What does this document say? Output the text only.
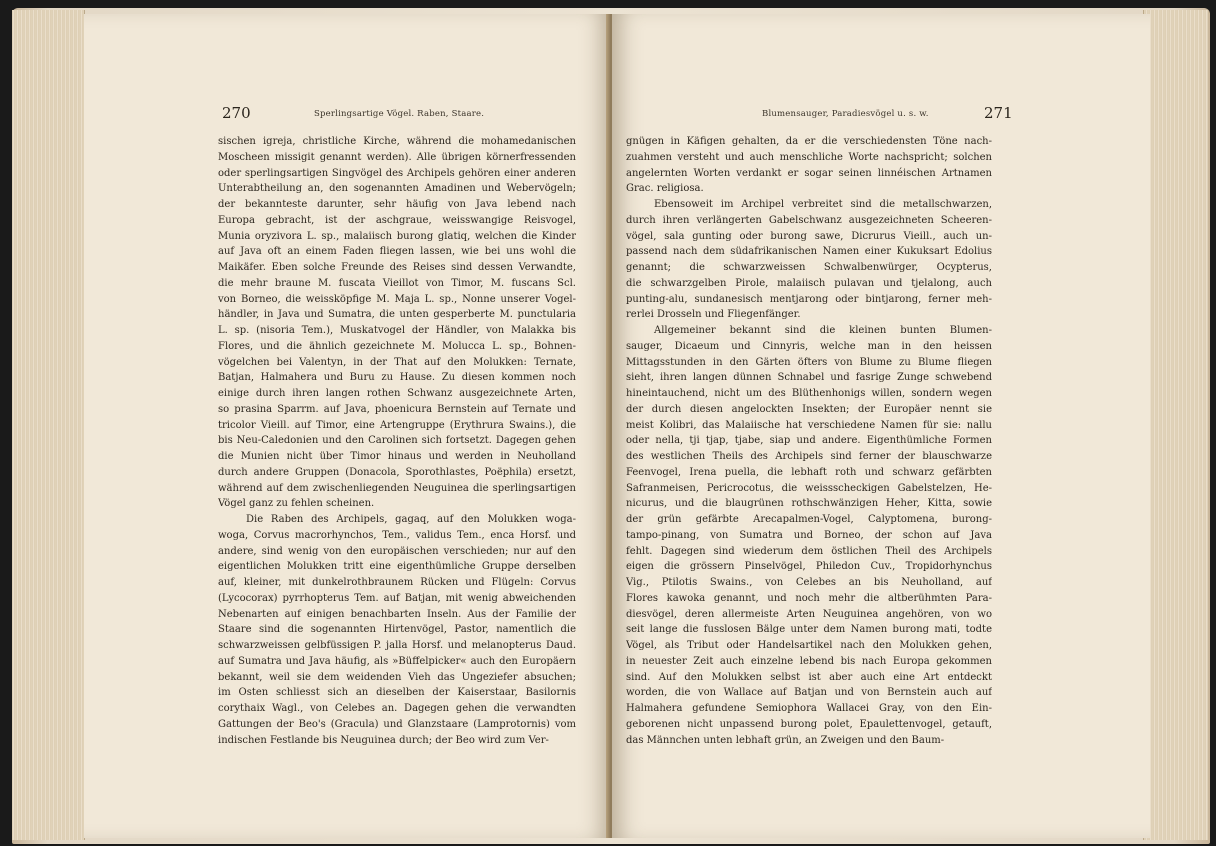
270	Sperlingsartige Vögel. Raben, Staare.
sischen igreja, christliche Kirche, während die mohamedanischen
Moscheen missigit genannt werden). Alle übrigen körnerfressenden
oder sperlingsartigen Singvögel des Archipels gehören einer anderen
Unterabtheilung an, den sogenannten Amadinen und Webervögeln;
der bekannteste darunter, sehr häufig von Java lebend nach
Europa gebracht, ist der aschgraue, weisswangige Reisvogel,
Munia oryzivora L. sp., malaiisch burong glatiq, welchen die Kinder
auf Java oft an einem Faden fliegen lassen, wie bei uns wohl die
Maikäfer. Eben solche Freunde des Reises sind dessen Verwandte,
die mehr braune M. fuscata Vieillot von Timor, M. fuscans Scl.
von Borneo, die weissköpfige M. Maja L. sp., Nonne unserer Vogel-
händler, in Java und Sumatra, die unten gesperberte M. punctularia
L. sp. (nisoria Tem.), Muskatvogel der Händler, von Malakka bis
Flores, und die ähnlich gezeichnete M. Molucca L. sp., Bohnen-
vögelchen bei Valentyn, in der That auf den Molukken: Ternate,
Batjan, Halmahera und Buru zu Hause. Zu diesen kommen noch
einige durch ihren langen rothen Schwanz ausgezeichnete Arten,
so prasina Sparrm. auf Java, phoenicura Bernstein auf Ternate und
tricolor Vieill. auf Timor, eine Artengruppe (Erythrura Swains.), die
bis Neu-Caledonien und den Carolinen sich fortsetzt. Dagegen gehen
die Munien nicht über Timor hinaus und werden in Neuholland
durch andere Gruppen (Donacola, Sporothlastes, Poëphila) ersetzt,
während auf dem zwischenliegenden Neuguinea die sperlingsartigen
Vögel ganz zu fehlen scheinen.
Die Raben des Archipels, gagaq, auf den Molukken woga-
woga, Corvus macrorhynchos, Tem., validus Tem., enca Horsf. und
andere, sind wenig von den europäischen verschieden; nur auf den
eigentlichen Molukken tritt eine eigenthümliche Gruppe derselben
auf, kleiner, mit dunkelrothbraunem Rücken und Flügeln: Corvus
(Lycocorax) pyrrhopterus Tem. auf Batjan, mit wenig abweichenden
Nebenarten auf einigen benachbarten Inseln. Aus der Familie der
Staare sind die sogenannten Hirtenvögel, Pastor, namentlich die
schwarzweissen gelbfüssigen P. jalla Horsf. und melanopterus Daud.
auf Sumatra und Java häufig, als »Büffelpicker« auch den Europäern
bekannt, weil sie dem weidenden Vieh das Ungeziefer absuchen;
im Osten schliesst sich an dieselben der Kaiserstaar, Basilornis
corythaix Wagl., von Celebes an. Dagegen gehen die verwandten
Gattungen der Beo's (Gracula) und Glanzstaare (Lamprotornis) vom
indischen Festlande bis Neuguinea durch; der Beo wird zum Ver-
Blumensauger, Paradiesvögel u. s. w.	271
gnügen in Käfigen gehalten, da er die verschiedensten Töne nach-
zuahmen versteht und auch menschliche Worte nachspricht; solchen
angelernten Worten verdankt er sogar seinen linnéischen Artnamen
Grac. religiosa.
Ebensoweit im Archipel verbreitet sind die metallschwarzen,
durch ihren verlängerten Gabelschwanz ausgezeichneten Scheeren-
vögel, sala gunting oder burong sawe, Dicrurus Vieill., auch un-
passend nach dem südafrikanischen Namen einer Kukuksart Edolius
genannt; die schwarzweissen Schwalbenwürger, Ocypterus,
die schwarzgelben Pirole, malaiisch pulavan und tjelalong, auch
punting-alu, sundanesisch mentjarong oder bintjarong, ferner meh-
rerlei Drosseln und Fliegenfänger.
Allgemeiner bekannt sind die kleinen bunten Blumen-
sauger, Dicaeum und Cinnyris, welche man in den heissen
Mittagsstunden in den Gärten öfters von Blume zu Blume fliegen
sieht, ihren langen dünnen Schnabel und fasrige Zunge schwebend
hineintauchend, nicht um des Blüthenhonigs willen, sondern wegen
der durch diesen angelockten Insekten; der Europäer nennt sie
meist Kolibri, das Malaiische hat verschiedene Namen für sie: nallu
oder nella, tji tjap, tjabe, siap und andere. Eigenthümliche Formen
des westlichen Theils des Archipels sind ferner der blauschwarze
Feenvogel, Irena puella, die lebhaft roth und schwarz gefärbten
Safranmeisen, Pericrocotus, die weissscheckigen Gabelstelzen, He-
nicurus, und die blaugrünen rothschwänzigen Heher, Kitta, sowie
der grün gefärbte Arecapalmen-Vogel, Calyptomena, burong-
tampo-pinang, von Sumatra und Borneo, der schon auf Java
fehlt. Dagegen sind wiederum dem östlichen Theil des Archipels
eigen die grössern Pinselvögel, Philedon Cuv., Tropidorhynchus
Vig., Ptilotis Swains., von Celebes an bis Neuholland, auf
Flores kawoka genannt, und noch mehr die altberühmten Para-
diesvögel, deren allermeiste Arten Neuguinea angehören, von wo
seit lange die fusslosen Bälge unter dem Namen burong mati, todte
Vögel, als Tribut oder Handelsartikel nach den Molukken gehen,
in neuester Zeit auch einzelne lebend bis nach Europa gekommen
sind. Auf den Molukken selbst ist aber auch eine Art entdeckt
worden, die von Wallace auf Batjan und von Bernstein auch auf
Halmahera gefundene Semiophora Wallacei Gray, von den Ein-
geborenen nicht unpassend burong polet, Epaulettenvogel, getauft,
das Männchen unten lebhaft grün, an Zweigen und den Baum-
